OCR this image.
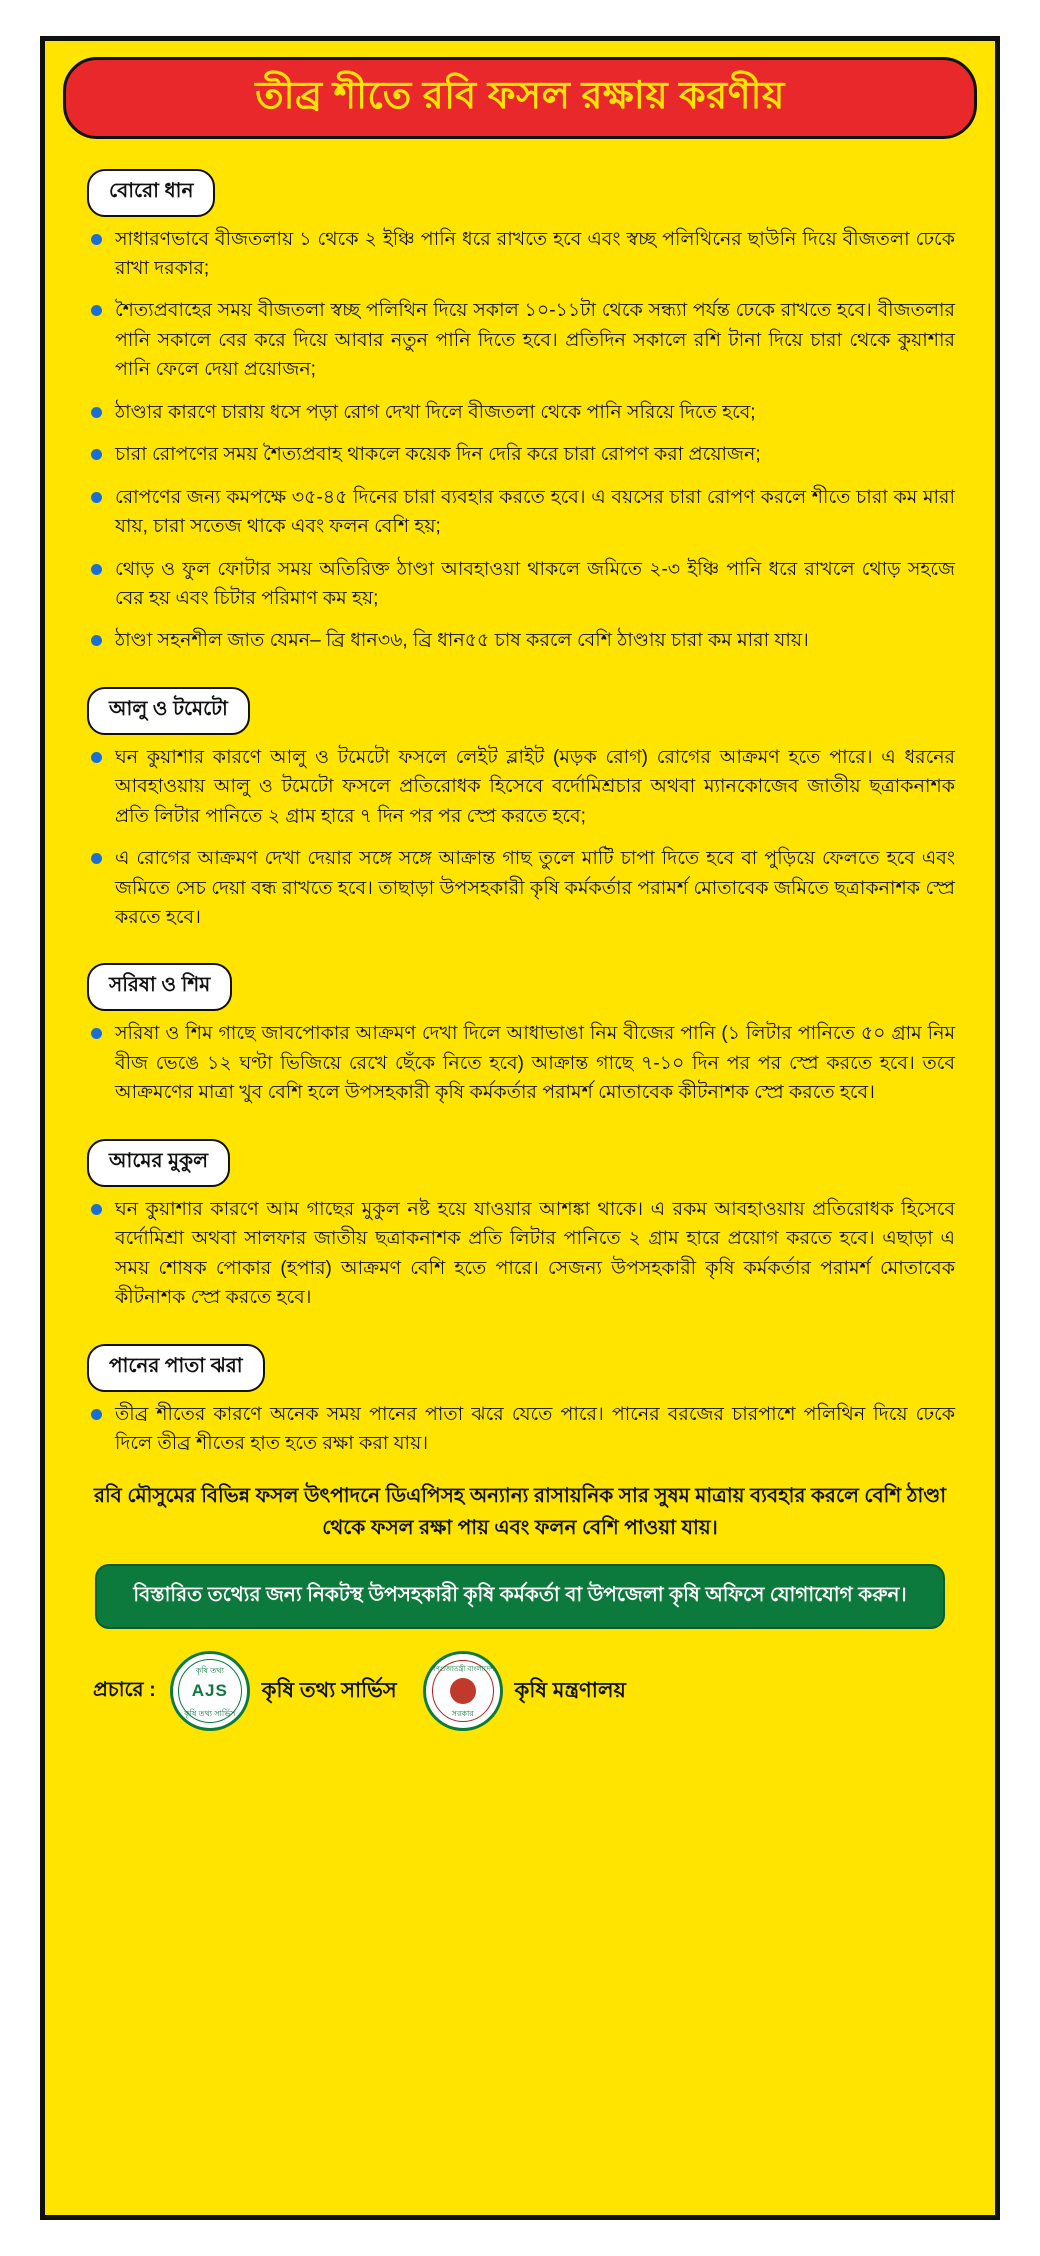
তীব্র শীতে রবি ফসল রক্ষায় করণীয়
বোরো ধান
সাধারণভাবে বীজতলায় ১ থেকে ২ ইঞ্চি পানি ধরে রাখতে হবে এবং স্বচ্ছ পলিথিনের ছাউনি দিয়ে বীজতলা ঢেকে রাখা দরকার;
শৈত্যপ্রবাহের সময় বীজতলা স্বচ্ছ পলিথিন দিয়ে সকাল ১০-১১টা থেকে সন্ধ্যা পর্যন্ত ঢেকে রাখতে হবে। বীজতলার পানি সকালে বের করে দিয়ে আবার নতুন পানি দিতে হবে। প্রতিদিন সকালে রশি টানা দিয়ে চারা থেকে কুয়াশার পানি ফেলে দেয়া প্রয়োজন;
ঠাণ্ডার কারণে চারায় ধসে পড়া রোগ দেখা দিলে বীজতলা থেকে পানি সরিয়ে দিতে হবে;
চারা রোপণের সময় শৈত্যপ্রবাহ থাকলে কয়েক দিন দেরি করে চারা রোপণ করা প্রয়োজন;
রোপণের জন্য কমপক্ষে ৩৫-৪৫ দিনের চারা ব্যবহার করতে হবে। এ বয়সের চারা রোপণ করলে শীতে চারা কম মারা যায়, চারা সতেজ থাকে এবং ফলন বেশি হয়;
থোড় ও ফুল ফোটার সময় অতিরিক্ত ঠাণ্ডা আবহাওয়া থাকলে জমিতে ২-৩ ইঞ্চি পানি ধরে রাখলে থোড় সহজে বের হয় এবং চিটার পরিমাণ কম হয়;
ঠাণ্ডা সহনশীল জাত যেমন– ব্রি ধান৩৬, ব্রি ধান৫৫ চাষ করলে বেশি ঠাণ্ডায় চারা কম মারা যায়।
আলু ও টমেটো
ঘন কুয়াশার কারণে আলু ও টমেটো ফসলে লেইট ব্লাইট (মড়ক রোগ) রোগের আক্রমণ হতে পারে। এ ধরনের আবহাওয়ায় আলু ও টমেটো ফসলে প্রতিরোধক হিসেবে বর্দোমিশ্রচার অথবা ম্যানকোজেব জাতীয় ছত্রাকনাশক প্রতি লিটার পানিতে ২ গ্রাম হারে ৭ দিন পর পর স্প্রে করতে হবে;
এ রোগের আক্রমণ দেখা দেয়ার সঙ্গে সঙ্গে আক্রান্ত গাছ তুলে মাটি চাপা দিতে হবে বা পুড়িয়ে ফেলতে হবে এবং জমিতে সেচ দেয়া বন্ধ রাখতে হবে। তাছাড়া উপসহকারী কৃষি কর্মকর্তার পরামর্শ মোতাবেক জমিতে ছত্রাকনাশক স্প্রে করতে হবে।
সরিষা ও শিম
সরিষা ও শিম গাছে জাবপোকার আক্রমণ দেখা দিলে আধাভাঙা নিম বীজের পানি (১ লিটার পানিতে ৫০ গ্রাম নিম বীজ ভেঙে ১২ ঘণ্টা ভিজিয়ে রেখে ছেঁকে নিতে হবে) আক্রান্ত গাছে ৭-১০ দিন পর পর স্প্রে করতে হবে। তবে আক্রমণের মাত্রা খুব বেশি হলে উপসহকারী কৃষি কর্মকর্তার পরামর্শ মোতাবেক কীটনাশক স্প্রে করতে হবে।
আমের মুকুল
ঘন কুয়াশার কারণে আম গাছের মুকুল নষ্ট হয়ে যাওয়ার আশঙ্কা থাকে। এ রকম আবহাওয়ায় প্রতিরোধক হিসেবে বর্দোমিশ্রা অথবা সালফার জাতীয় ছত্রাকনাশক প্রতি লিটার পানিতে ২ গ্রাম হারে প্রয়োগ করতে হবে। এছাড়া এ সময় শোষক পোকার (হপার) আক্রমণ বেশি হতে পারে। সেজন্য উপসহকারী কৃষি কর্মকর্তার পরামর্শ মোতাবেক কীটনাশক স্প্রে করতে হবে।
পানের পাতা ঝরা
তীব্র শীতের কারণে অনেক সময় পানের পাতা ঝরে যেতে পারে। পানের বরজের চারপাশে পলিথিন দিয়ে ঢেকে দিলে তীব্র শীতের হাত হতে রক্ষা করা যায়।
রবি মৌসুমের বিভিন্ন ফসল উৎপাদনে ডিএপিসহ অন্যান্য রাসায়নিক সার সুষম মাত্রায় ব্যবহার করলে বেশি ঠাণ্ডা থেকে ফসল রক্ষা পায় এবং ফলন বেশি পাওয়া যায়।
বিস্তারিত তথ্যের জন্য নিকটস্থ উপসহকারী কৃষি কর্মকর্তা বা উপজেলা কৃষি অফিসে যোগাযোগ করুন।
প্রচারে :
কৃষি তথ্য
AJS
কৃষি তথ্য সার্ভিস
কৃষি তথ্য সার্ভিস
গণপ্রজাতন্ত্রী বাংলাদেশ
সরকার
কৃষি মন্ত্রণালয়
